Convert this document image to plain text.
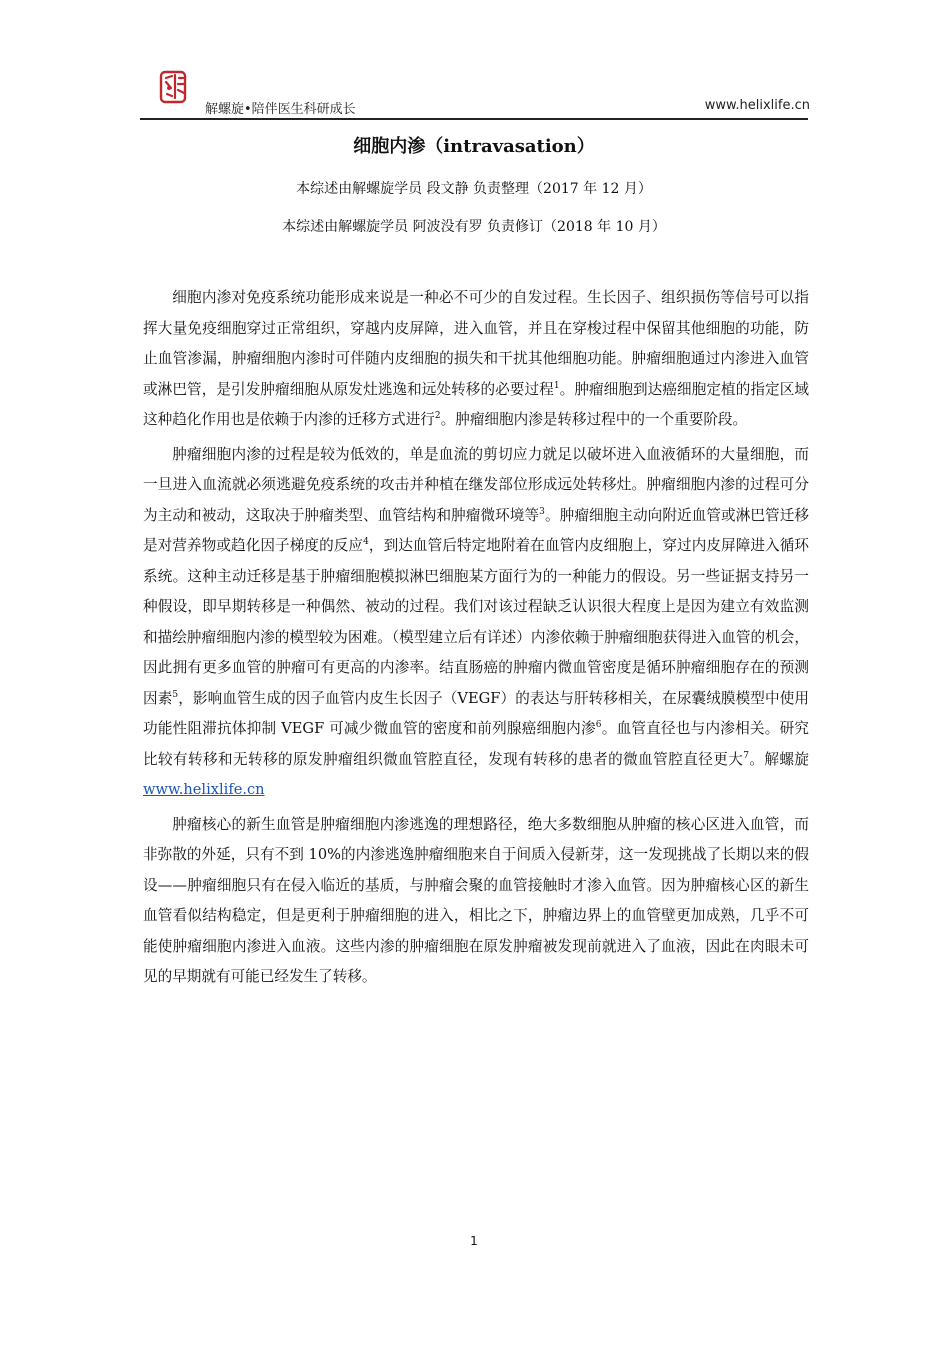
解螺旋•陪伴医生科研成长	www.helixlife.cn
细胞内渗（intravasation）
本综述由解螺旋学员 段文静 负责整理（2017 年 12 月）
本综述由解螺旋学员 阿波没有罗 负责修订（2018 年 10 月）

细胞内渗对免疫系统功能形成来说是一种必不可少的自发过程。生长因子、组织损伤等信号可以指挥大量免疫细胞穿过正常组织，穿越内皮屏障，进入血管，并且在穿梭过程中保留其他细胞的功能，防止血管渗漏，肿瘤细胞内渗时可伴随内皮细胞的损失和干扰其他细胞功能。肿瘤细胞通过内渗进入血管或淋巴管，是引发肿瘤细胞从原发灶逃逸和远处转移的必要过程$^1$。肿瘤细胞到达癌细胞定植的指定区域这种趋化作用也是依赖于内渗的迁移方式进行$^2$。肿瘤细胞内渗是转移过程中的一个重要阶段。

肿瘤细胞内渗的过程是较为低效的，单是血流的剪切应力就足以破坏进入血液循环的大量细胞，而一旦进入血流就必须逃避免疫系统的攻击并种植在继发部位形成远处转移灶。肿瘤细胞内渗的过程可分为主动和被动，这取决于肿瘤类型、血管结构和肿瘤微环境等$^3$。肿瘤细胞主动向附近血管或淋巴管迁移是对营养物或趋化因子梯度的反应$^4$，到达血管后特定地附着在血管内皮细胞上，穿过内皮屏障进入循环系统。这种主动迁移是基于肿瘤细胞模拟淋巴细胞某方面行为的一种能力的假设。另一些证据支持另一种假设，即早期转移是一种偶然、被动的过程。我们对该过程缺乏认识很大程度上是因为建立有效监测和描绘肿瘤细胞内渗的模型较为困难。（模型建立后有详述）内渗依赖于肿瘤细胞获得进入血管的机会，因此拥有更多血管的肿瘤可有更高的内渗率。结直肠癌的肿瘤内微血管密度是循环肿瘤细胞存在的预测因素$^5$，影响血管生成的因子血管内皮生长因子（VEGF）的表达与肝转移相关，在尿囊绒膜模型中使用功能性阻滞抗体抑制 VEGF 可减少微血管的密度和前列腺癌细胞内渗$^6$。血管直径也与内渗相关。研究比较有转移和无转移的原发肿瘤组织微血管腔直径，发现有转移的患者的微血管腔直径更大$^7$。解螺旋 www.helixlife.cn

肿瘤核心的新生血管是肿瘤细胞内渗逃逸的理想路径，绝大多数细胞从肿瘤的核心区进入血管，而非弥散的外延，只有不到 10%的内渗逃逸肿瘤细胞来自于间质入侵新芽，这一发现挑战了长期以来的假设——肿瘤细胞只有在侵入临近的基质，与肿瘤会聚的血管接触时才渗入血管。因为肿瘤核心区的新生血管看似结构稳定，但是更利于肿瘤细胞的进入，相比之下，肿瘤边界上的血管壁更加成熟，几乎不可能使肿瘤细胞内渗进入血液。这些内渗的肿瘤细胞在原发肿瘤被发现前就进入了血液，因此在肉眼未可见的早期就有可能已经发生了转移。

1
